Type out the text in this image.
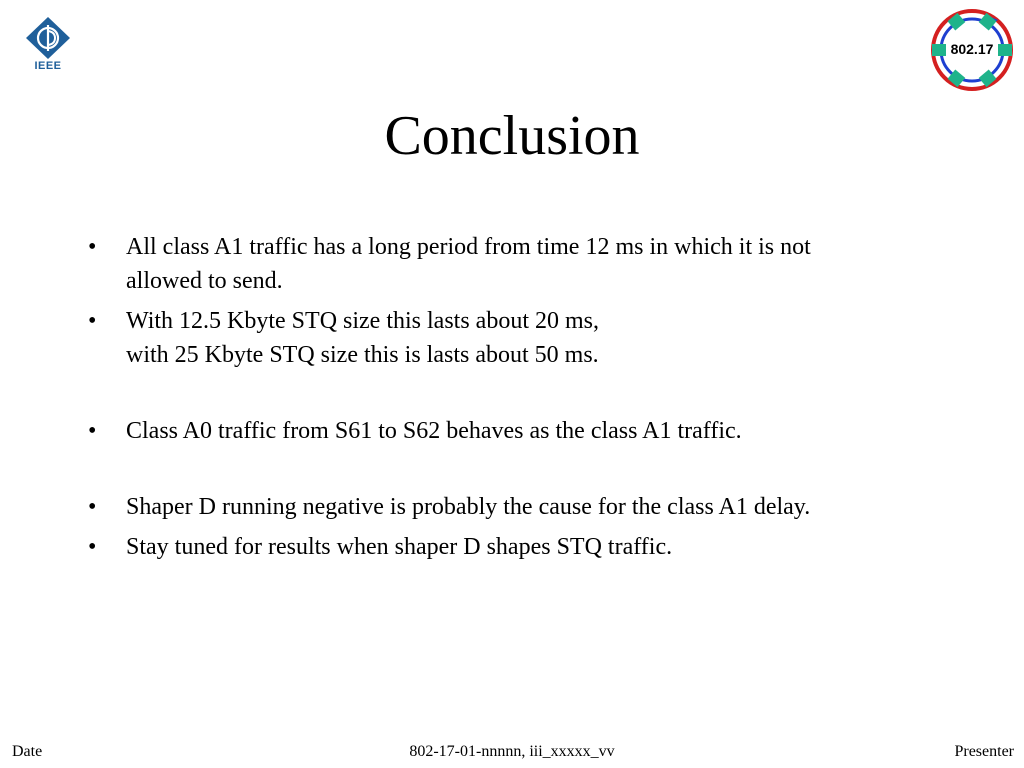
IEEE
802.17
Conclusion
• All class A1 traffic has a long period from time 12 ms in which it is not
allowed to send.
• With 12.5 Kbyte STQ size this lasts about 20 ms,
with 25 Kbyte STQ size this is lasts about 50 ms.
• Class A0 traffic from S61 to S62 behaves as the class A1 traffic.
• Shaper D running negative is probably the cause for the class A1 delay.
• Stay tuned for results when shaper D shapes STQ traffic.
Date	802-17-01-nnnnn, iii_xxxxx_vv	Presenter
